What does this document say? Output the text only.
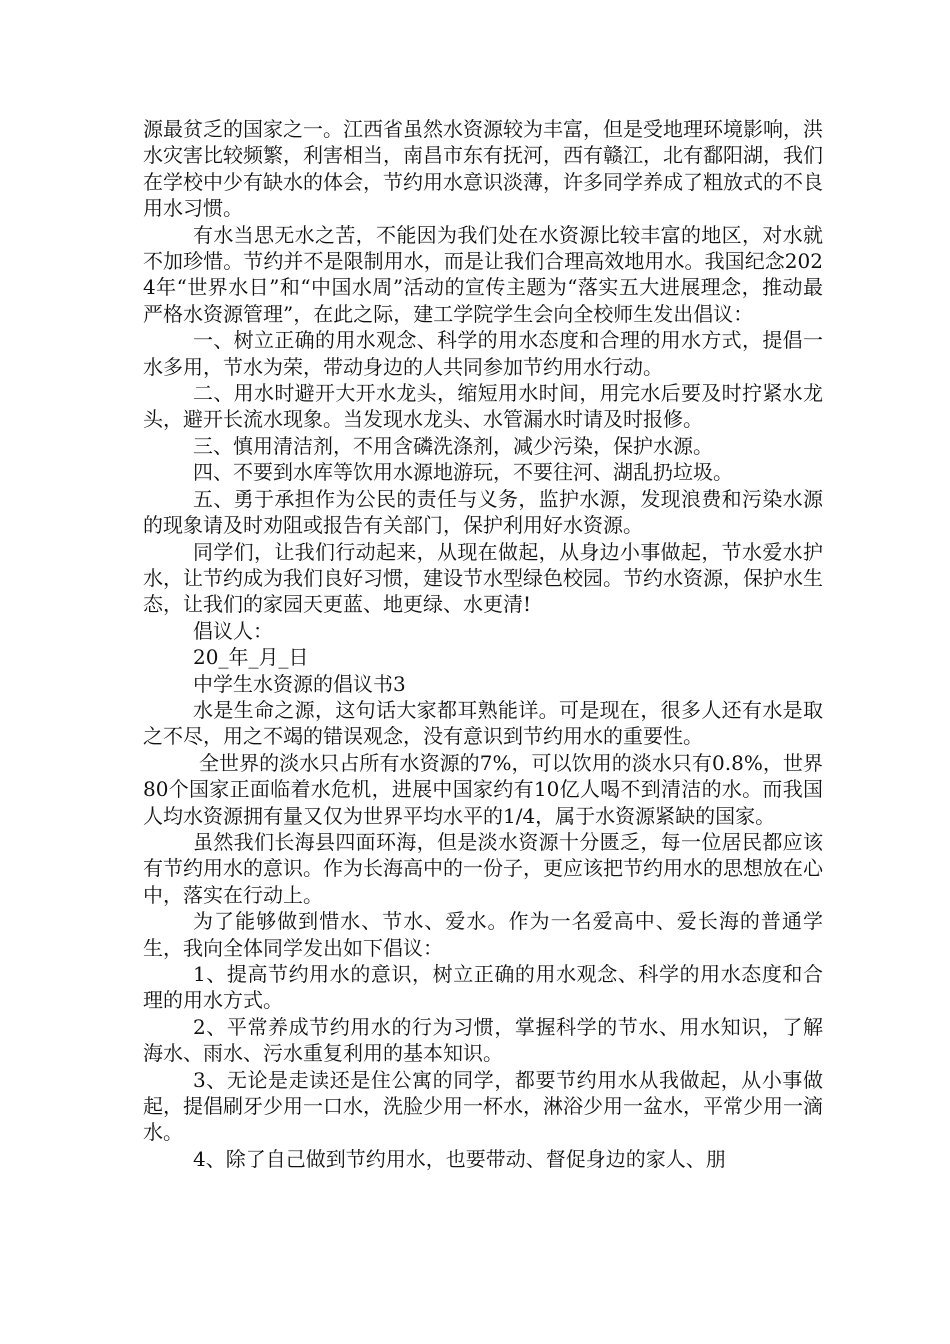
源最贫乏的国家之一。江西省虽然水资源较为丰富，但是受地理环境影响，洪水灾害比较频繁，利害相当，南昌市东有抚河，西有赣江，北有鄱阳湖，我们在学校中少有缺水的体会，节约用水意识淡薄，许多同学养成了粗放式的不良用水习惯。

有水当思无水之苦，不能因为我们处在水资源比较丰富的地区，对水就不加珍惜。节约并不是限制用水，而是让我们合理高效地用水。我国纪念2024年“世界水日”和“中国水周”活动的宣传主题为“落实五大进展理念，推动最严格水资源管理”，在此之际，建工学院学生会向全校师生发出倡议：

一、树立正确的用水观念、科学的用水态度和合理的用水方式，提倡一水多用，节水为荣，带动身边的人共同参加节约用水行动。

二、用水时避开大开水龙头，缩短用水时间，用完水后要及时拧紧水龙头，避开长流水现象。当发现水龙头、水管漏水时请及时报修。

三、慎用清洁剂，不用含磷洗涤剂，减少污染，保护水源。

四、不要到水库等饮用水源地游玩，不要往河、湖乱扔垃圾。

五、勇于承担作为公民的责任与义务，监护水源，发现浪费和污染水源的现象请及时劝阻或报告有关部门，保护利用好水资源。

同学们，让我们行动起来，从现在做起，从身边小事做起，节水爱水护水，让节约成为我们良好习惯，建设节水型绿色校园。节约水资源，保护水生态，让我们的家园天更蓝、地更绿、水更清!

倡议人：

20_年_月_日

中学生水资源的倡议书3

水是生命之源，这句话大家都耳熟能详。可是现在，很多人还有水是取之不尽，用之不竭的错误观念，没有意识到节约用水的重要性。

全世界的淡水只占所有水资源的7%，可以饮用的淡水只有0.8%，世界80个国家正面临着水危机，进展中国家约有10亿人喝不到清洁的水。而我国人均水资源拥有量又仅为世界平均水平的1/4，属于水资源紧缺的国家。

虽然我们长海县四面环海，但是淡水资源十分匮乏，每一位居民都应该有节约用水的意识。作为长海高中的一份子，更应该把节约用水的思想放在心中，落实在行动上。

为了能够做到惜水、节水、爱水。作为一名爱高中、爱长海的普通学生，我向全体同学发出如下倡议：

1、提高节约用水的意识，树立正确的用水观念、科学的用水态度和合理的用水方式。

2、平常养成节约用水的行为习惯，掌握科学的节水、用水知识，了解海水、雨水、污水重复利用的基本知识。

3、无论是走读还是住公寓的同学，都要节约用水从我做起，从小事做起，提倡刷牙少用一口水，洗脸少用一杯水，淋浴少用一盆水，平常少用一滴水。

4、除了自己做到节约用水，也要带动、督促身边的家人、朋
